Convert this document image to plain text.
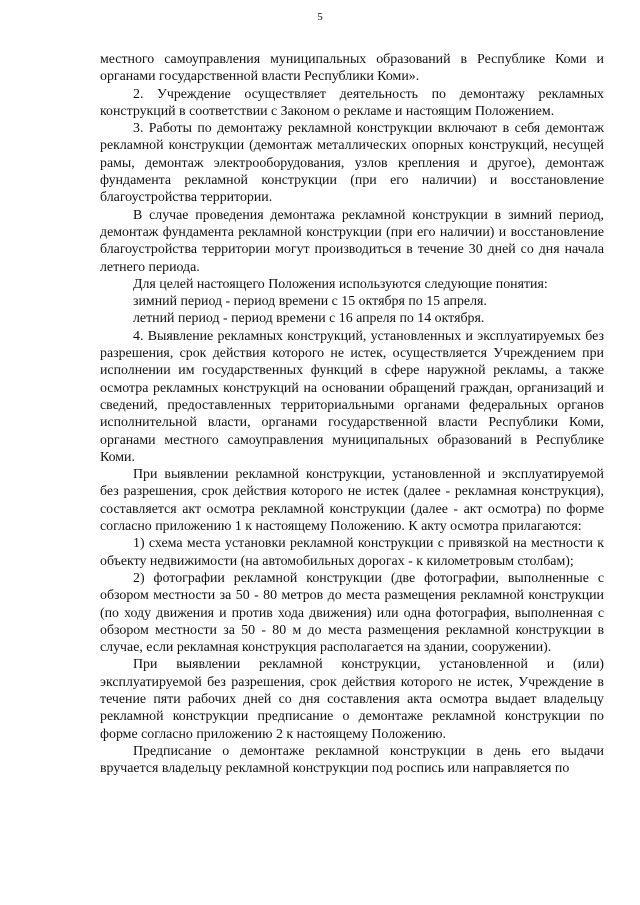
5

местного самоуправления муниципальных образований в Республике Коми и органами государственной власти Республики Коми».

2. Учреждение осуществляет деятельность по демонтажу рекламных конструкций в соответствии с Законом о рекламе и настоящим Положением.

3. Работы по демонтажу рекламной конструкции включают в себя демонтаж рекламной конструкции (демонтаж металлических опорных конструкций, несущей рамы, демонтаж электрооборудования, узлов крепления и другое), демонтаж фундамента рекламной конструкции (при его наличии) и восстановление благоустройства территории.

В случае проведения демонтажа рекламной конструкции в зимний период, демонтаж фундамента рекламной конструкции (при его наличии) и восстановление благоустройства территории могут производиться в течение 30 дней со дня начала летнего периода.

Для целей настоящего Положения используются следующие понятия:

зимний период - период времени с 15 октября по 15 апреля.

летний период - период времени с 16 апреля по 14 октября.

4. Выявление рекламных конструкций, установленных и эксплуатируемых без разрешения, срок действия которого не истек, осуществляется Учреждением при исполнении им государственных функций в сфере наружной рекламы, а также осмотра рекламных конструкций на основании обращений граждан, организаций и сведений, предоставленных территориальными органами федеральных органов исполнительной власти, органами государственной власти Республики Коми, органами местного самоуправления муниципальных образований в Республике Коми.

При выявлении рекламной конструкции, установленной и эксплуатируемой без разрешения, срок действия которого не истек (далее - рекламная конструкция), составляется акт осмотра рекламной конструкции (далее - акт осмотра) по форме согласно приложению 1 к настоящему Положению. К акту осмотра прилагаются:

1) схема места установки рекламной конструкции с привязкой на местности к объекту недвижимости (на автомобильных дорогах - к километровым столбам);

2) фотографии рекламной конструкции (две фотографии, выполненные с обзором местности за 50 - 80 метров до места размещения рекламной конструкции (по ходу движения и против хода движения) или одна фотография, выполненная с обзором местности за 50 - 80 м до места размещения рекламной конструкции в случае, если рекламная конструкция располагается на здании, сооружении).

При выявлении рекламной конструкции, установленной и (или) эксплуатируемой без разрешения, срок действия которого не истек, Учреждение в течение пяти рабочих дней со дня составления акта осмотра выдает владельцу рекламной конструкции предписание о демонтаже рекламной конструкции по форме согласно приложению 2 к настоящему Положению.

Предписание о демонтаже рекламной конструкции в день его выдачи вручается владельцу рекламной конструкции под роспись или направляется по
